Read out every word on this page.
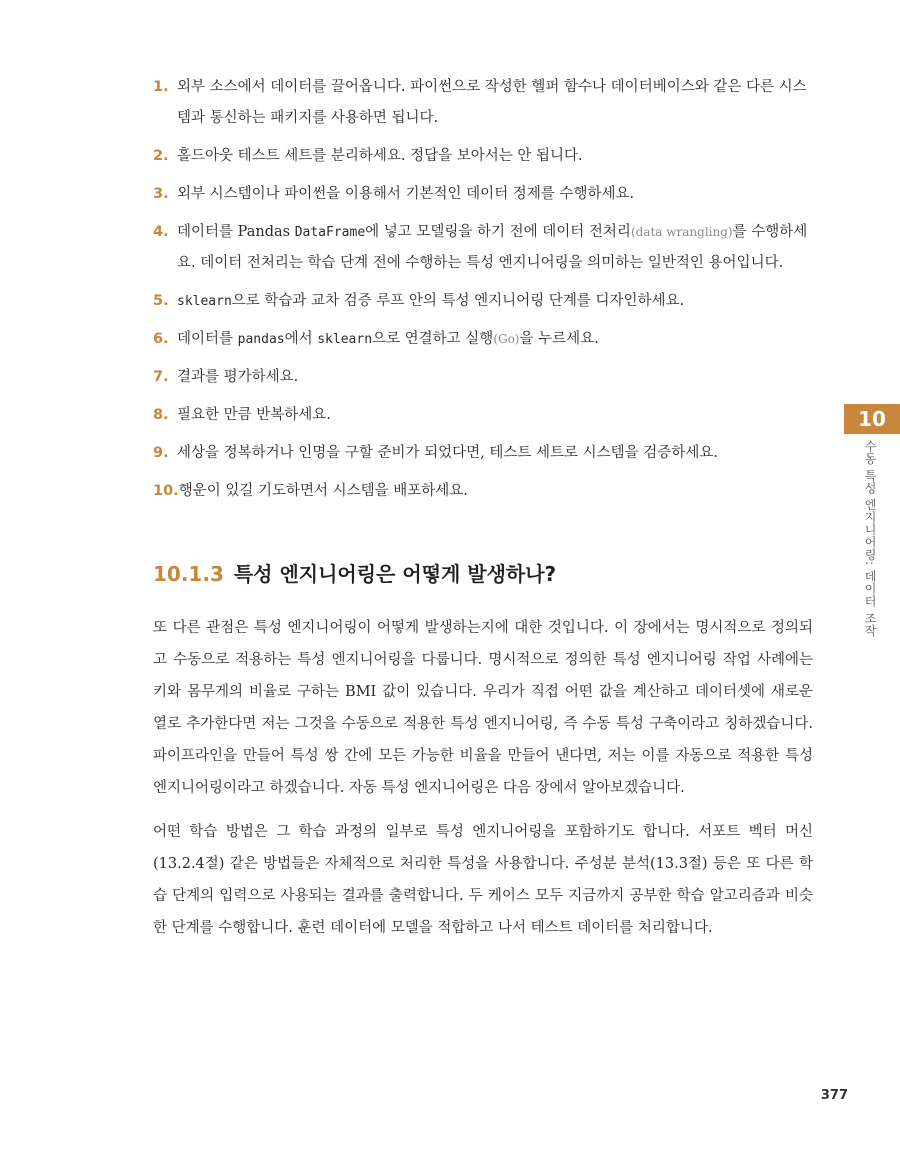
1. 외부 소스에서 데이터를 끌어옵니다. 파이썬으로 작성한 헬퍼 함수나 데이터베이스와 같은 다른 시스템과 통신하는 패키지를 사용하면 됩니다.
2. 홀드아웃 테스트 세트를 분리하세요. 정답을 보아서는 안 됩니다.
3. 외부 시스템이나 파이썬을 이용해서 기본적인 데이터 정제를 수행하세요.
4. 데이터를 Pandas DataFrame에 넣고 모델링을 하기 전에 데이터 전처리(data wrangling)를 수행하세요. 데이터 전처리는 학습 단계 전에 수행하는 특성 엔지니어링을 의미하는 일반적인 용어입니다.
5. sklearn으로 학습과 교차 검증 루프 안의 특성 엔지니어링 단계를 디자인하세요.
6. 데이터를 pandas에서 sklearn으로 연결하고 실행(Go)을 누르세요.
7. 결과를 평가하세요.
8. 필요한 만큼 반복하세요.
9. 세상을 정복하거나 인명을 구할 준비가 되었다면, 테스트 세트로 시스템을 검증하세요.
10. 행운이 있길 기도하면서 시스템을 배포하세요.
10.1.3 특성 엔지니어링은 어떻게 발생하나?

또 다른 관점은 특성 엔지니어링이 어떻게 발생하는지에 대한 것입니다. 이 장에서는 명시적으로 정의되고 수동으로 적용하는 특성 엔지니어링을 다룹니다. 명시적으로 정의한 특성 엔지니어링 작업 사례에는 키와 몸무게의 비율로 구하는 BMI 값이 있습니다. 우리가 직접 어떤 값을 계산하고 데이터셋에 새로운 열로 추가한다면 저는 그것을 수동으로 적용한 특성 엔지니어링, 즉 수동 특성 구축이라고 칭하겠습니다. 파이프라인을 만들어 특성 쌍 간에 모든 가능한 비율을 만들어 낸다면, 저는 이를 자동으로 적용한 특성 엔지니어링이라고 하겠습니다. 자동 특성 엔지니어링은 다음 장에서 알아보겠습니다.

어떤 학습 방법은 그 학습 과정의 일부로 특성 엔지니어링을 포함하기도 합니다. 서포트 벡터 머신(13.2.4절) 같은 방법들은 자체적으로 처리한 특성을 사용합니다. 주성분 분석(13.3절) 등은 또 다른 학습 단계의 입력으로 사용되는 결과를 출력합니다. 두 케이스 모두 지금까지 공부한 학습 알고리즘과 비슷한 단계를 수행합니다. 훈련 데이터에 모델을 적합하고 나서 테스트 데이터를 처리합니다.

10
수동 특성 엔지니어링: 데이터 조작
377
